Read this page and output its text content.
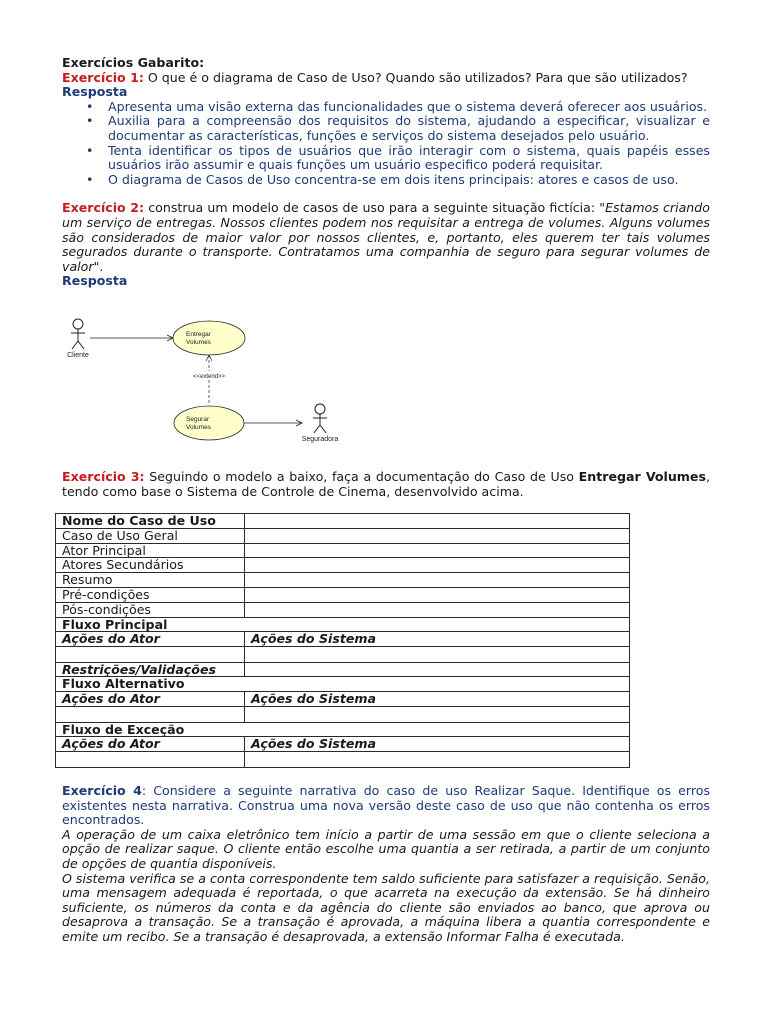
Exercícios Gabarito:
Exercício 1: O que é o diagrama de Caso de Uso? Quando são utilizados? Para que são utilizados?
Resposta
• Apresenta uma visão externa das funcionalidades que o sistema deverá oferecer aos usuários.
• Auxilia para a compreensão dos requisitos do sistema, ajudando a especificar, visualizar e documentar as características, funções e serviços do sistema desejados pelo usuário.
• Tenta identificar os tipos de usuários que irão interagir com o sistema, quais papéis esses usuários irão assumir e quais funções um usuário especifico poderá requisitar.
• O diagrama de Casos de Uso concentra-se em dois itens principais: atores e casos de uso.
Exercício 2: construa um modelo de casos de uso para a seguinte situação fictícia: "Estamos criando um serviço de entregas. Nossos clientes podem nos requisitar a entrega de volumes. Alguns volumes são considerados de maior valor por nossos clientes, e, portanto, eles querem ter tais volumes segurados durante o transporte. Contratamos uma companhia de seguro para segurar volumes de valor".
Resposta
Cliente
Entregar
Volumes
<<extend>>
Segurar
Volumes
Seguradora
Exercício 3: Seguindo o modelo a baixo, faça a documentação do Caso de Uso Entregar Volumes, tendo como base o Sistema de Controle de Cinema, desenvolvido acima.
Nome do Caso de Uso	
Caso de Uso Geral	
Ator Principal	
Atores Secundários	
Resumo	
Pré-condições	
Pós-condições	
Fluxo Principal	
Ações do Ator	Ações do Sistema

Restrições/Validações	
Fluxo Alternativo	
Ações do Ator	Ações do Sistema

Fluxo de Exceção	
Ações do Ator	Ações do Sistema

Exercício 4: Considere a seguinte narrativa do caso de uso Realizar Saque. Identifique os erros existentes nesta narrativa. Construa uma nova versão deste caso de uso que não contenha os erros encontrados.
A operação de um caixa eletrônico tem início a partir de uma sessão em que o cliente seleciona a opção de realizar saque. O cliente então escolhe uma quantia a ser retirada, a partir de um conjunto de opções de quantia disponíveis.
O sistema verifica se a conta correspondente tem saldo suficiente para satisfazer a requisição. Senão, uma mensagem adequada é reportada, o que acarreta na execução da extensão. Se há dinheiro suficiente, os números da conta e da agência do cliente são enviados ao banco, que aprova ou desaprova a transação. Se a transação é aprovada, a máquina libera a quantia correspondente e emite um recibo. Se a transação é desaprovada, a extensão Informar Falha é executada.
